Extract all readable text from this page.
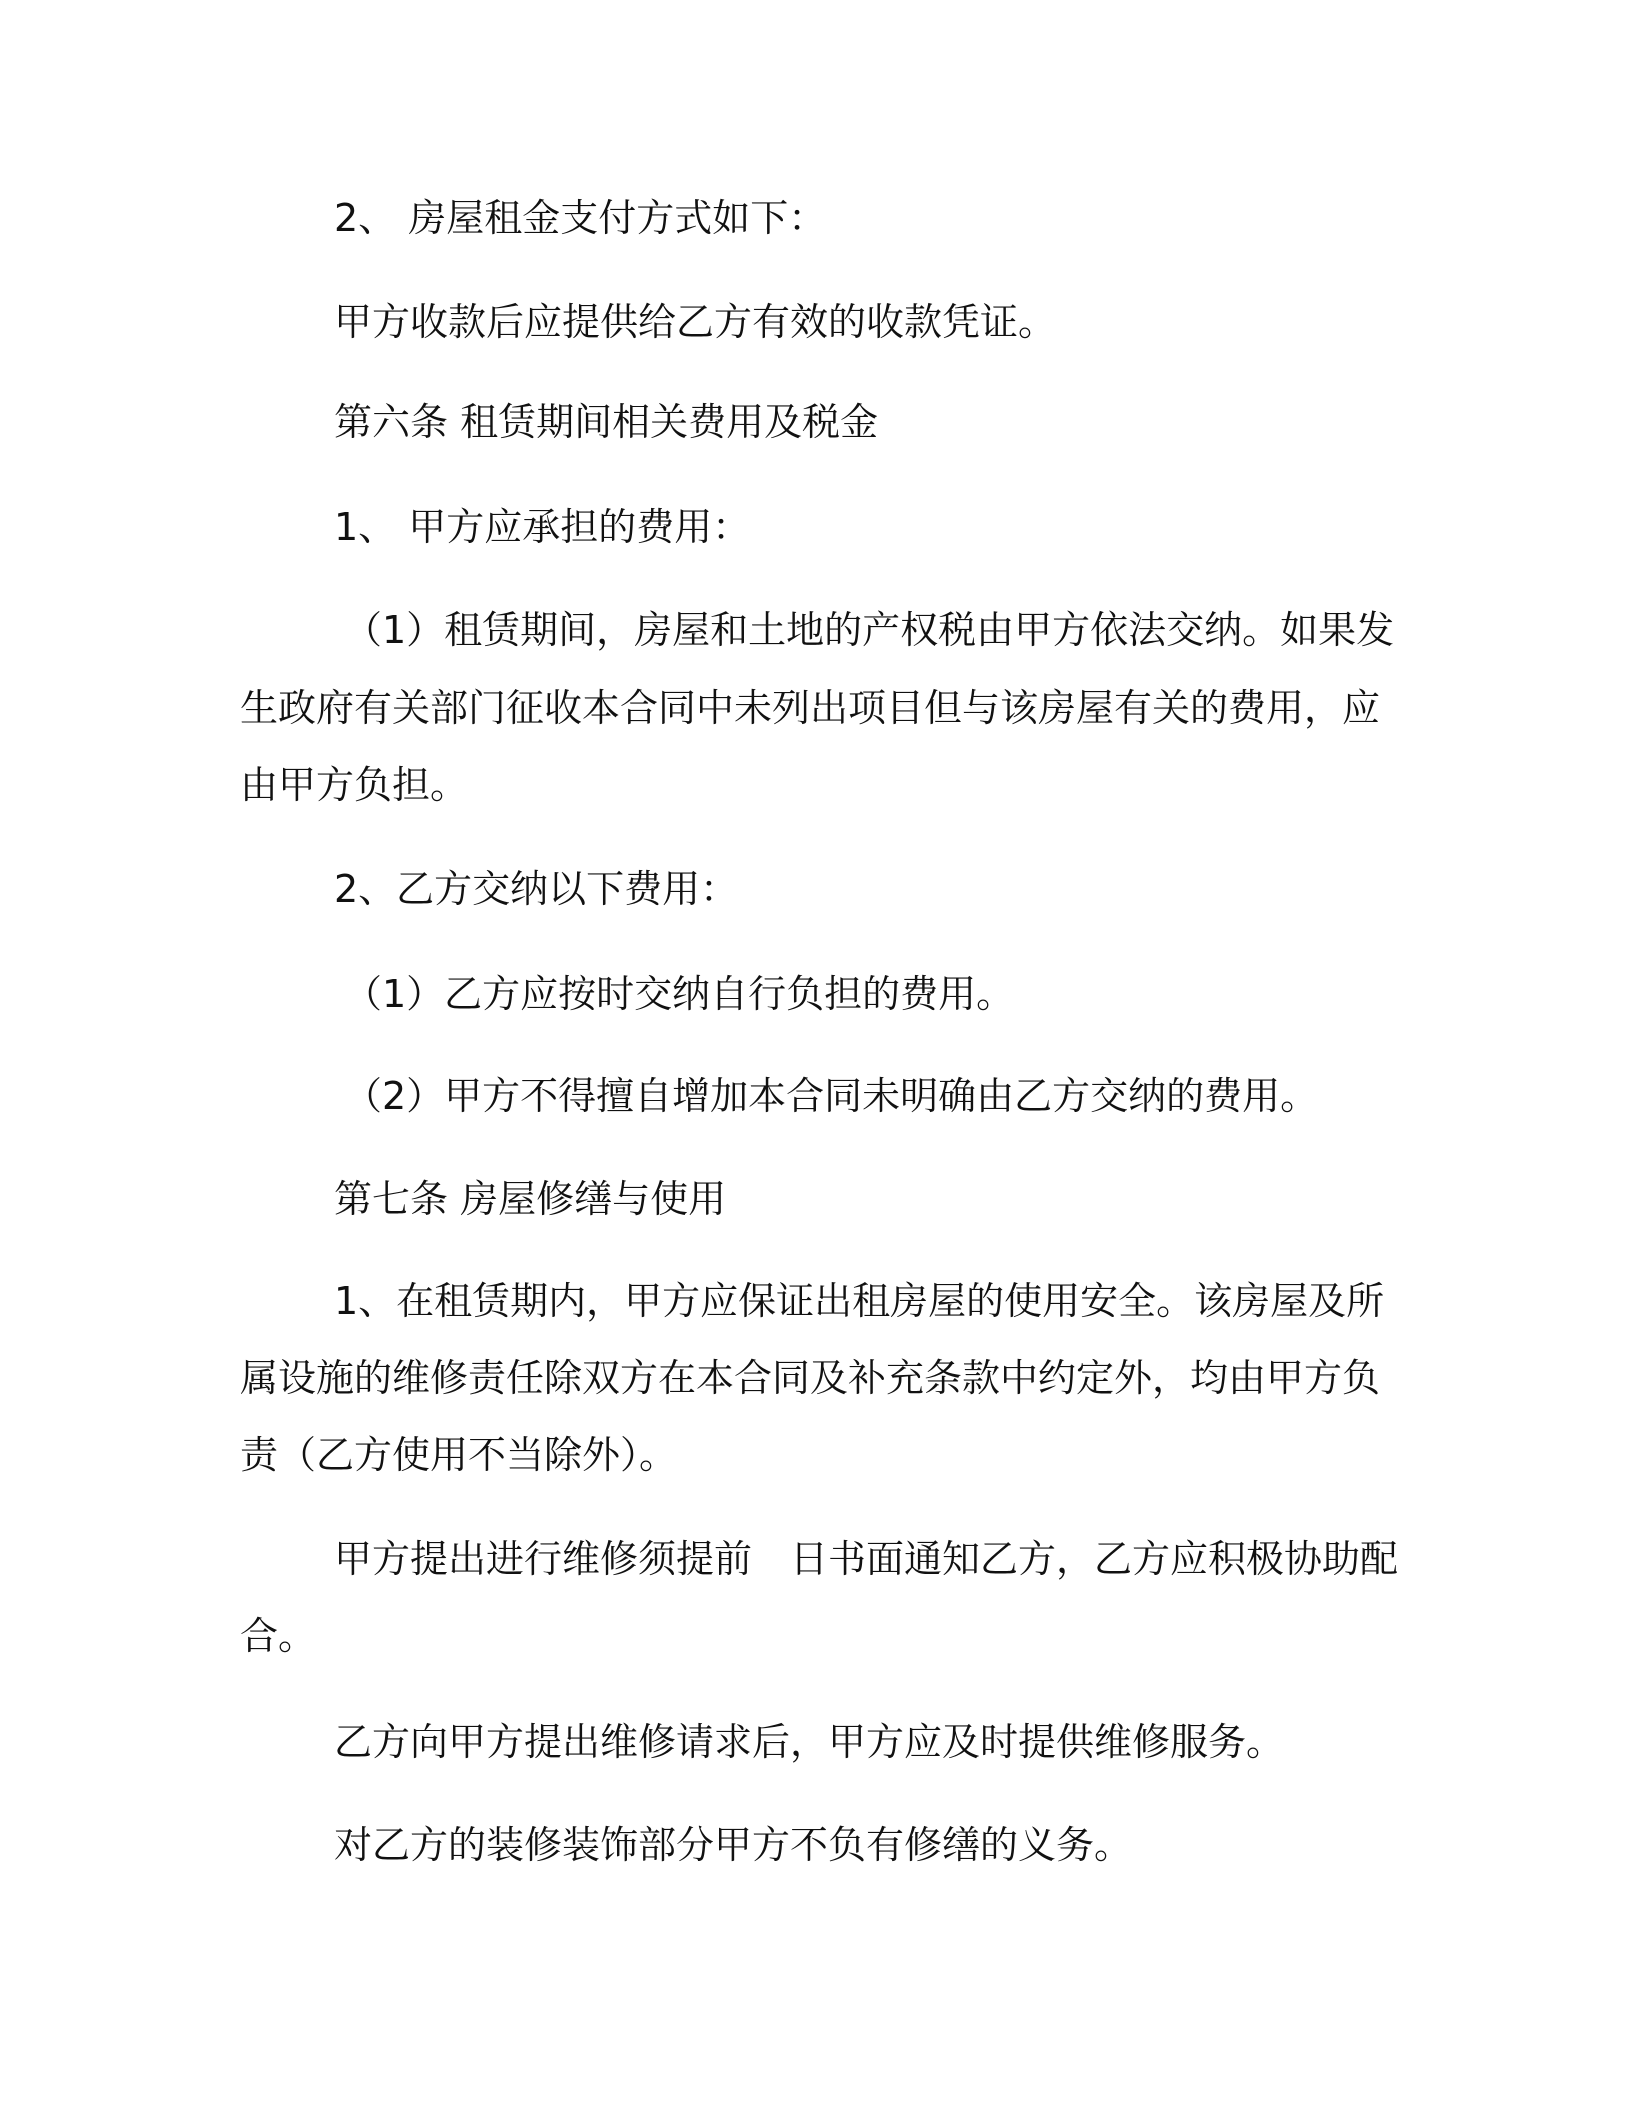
2、 房屋租金支付方式如下：

甲方收款后应提供给乙方有效的收款凭证。

第六条 租赁期间相关费用及税金

1、 甲方应承担的费用：

（1）租赁期间，房屋和土地的产权税由甲方依法交纳。如果发

生政府有关部门征收本合同中未列出项目但与该房屋有关的费用，应

由甲方负担。

2、乙方交纳以下费用：

（1）乙方应按时交纳自行负担的费用。

（2）甲方不得擅自增加本合同未明确由乙方交纳的费用。

第七条 房屋修缮与使用

1、在租赁期内，甲方应保证出租房屋的使用安全。该房屋及所

属设施的维修责任除双方在本合同及补充条款中约定外，均由甲方负

责（乙方使用不当除外）。

甲方提出进行维修须提前　日书面通知乙方，乙方应积极协助配

合。

乙方向甲方提出维修请求后，甲方应及时提供维修服务。

对乙方的装修装饰部分甲方不负有修缮的义务。
